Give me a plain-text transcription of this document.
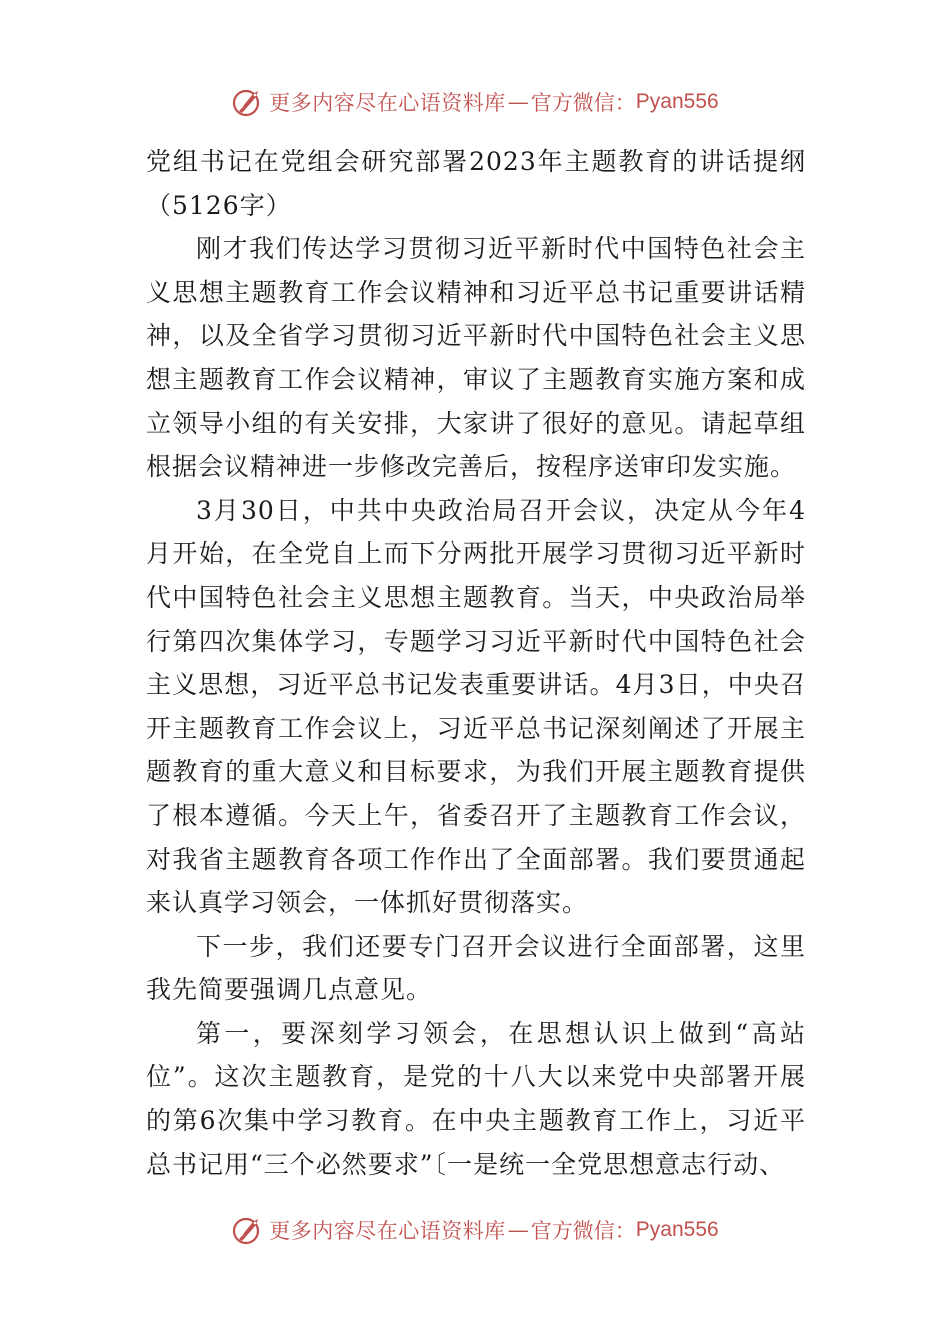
更多内容尽在心语资料库 — 官方微信： Pyan556

党组书记在党组会研究部署2023年主题教育的讲话提纲（5126字）

刚才我们传达学习贯彻习近平新时代中国特色社会主义思想主题教育工作会议精神和习近平总书记重要讲话精神，以及全省学习贯彻习近平新时代中国特色社会主义思想主题教育工作会议精神，审议了主题教育实施方案和成立领导小组的有关安排，大家讲了很好的意见。请起草组根据会议精神进一步修改完善后，按程序送审印发实施。

3月30日，中共中央政治局召开会议，决定从今年4月开始，在全党自上而下分两批开展学习贯彻习近平新时代中国特色社会主义思想主题教育。当天，中央政治局举行第四次集体学习，专题学习习近平新时代中国特色社会主义思想，习近平总书记发表重要讲话。4月3日，中央召开主题教育工作会议上，习近平总书记深刻阐述了开展主题教育的重大意义和目标要求，为我们开展主题教育提供了根本遵循。今天上午，省委召开了主题教育工作会议，对我省主题教育各项工作作出了全面部署。我们要贯通起来认真学习领会，一体抓好贯彻落实。

下一步，我们还要专门召开会议进行全面部署，这里我先简要强调几点意见。

第一，要深刻学习领会，在思想认识上做到“高站位”。这次主题教育，是党的十八大以来党中央部署开展的第6次集中学习教育。在中央主题教育工作上，习近平总书记用“三个必然要求”〔一是统一全党思想意志行动、

更多内容尽在心语资料库 — 官方微信： Pyan556
